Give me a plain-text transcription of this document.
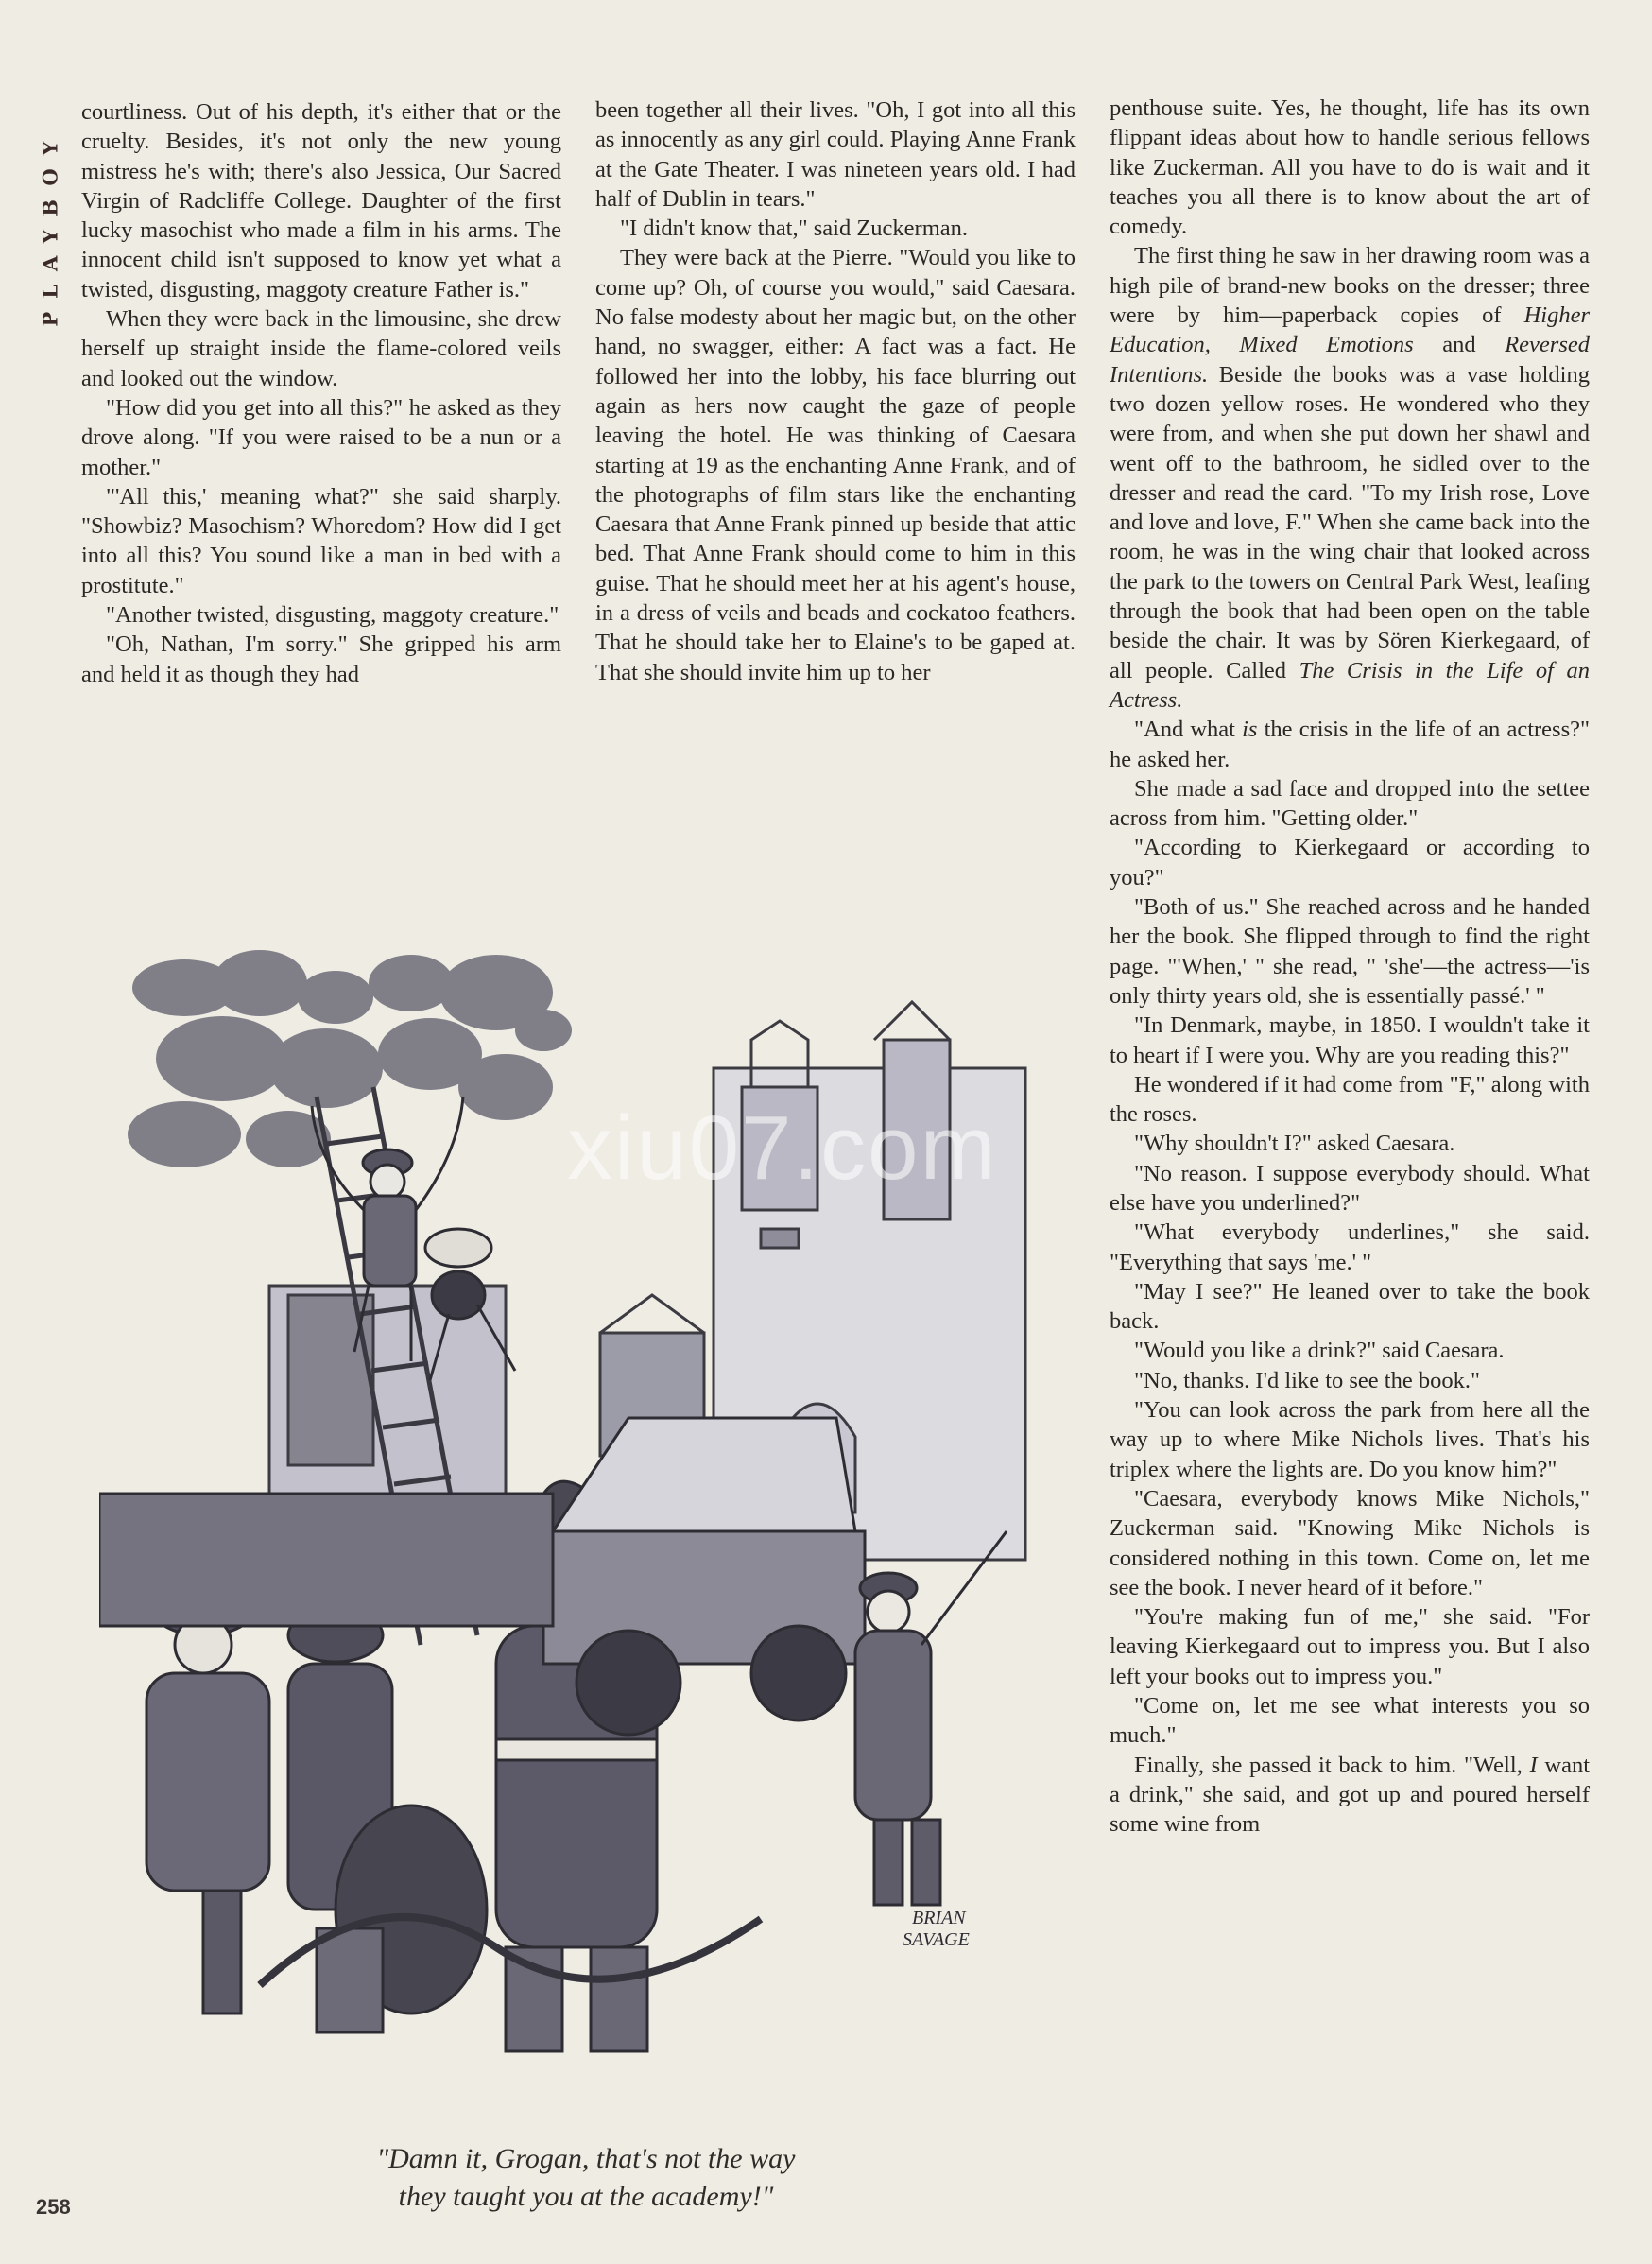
PLAYBOY

courtliness. Out of his depth, it's either that or the cruelty. Besides, it's not only the new young mistress he's with; there's also Jessica, Our Sacred Virgin of Radcliffe College. Daughter of the first lucky masochist who made a film in his arms. The innocent child isn't supposed to know yet what a twisted, disgusting, maggoty creature Father is."

When they were back in the limousine, she drew herself up straight inside the flame-colored veils and looked out the window.

"How did you get into all this?" he asked as they drove along. "If you were raised to be a nun or a mother."

"'All this,' meaning what?" she said sharply. "Showbiz? Masochism? Whoredom? How did I get into all this? You sound like a man in bed with a prostitute."

"Another twisted, disgusting, maggoty creature."

"Oh, Nathan, I'm sorry." She gripped his arm and held it as though they had

been together all their lives. "Oh, I got into all this as innocently as any girl could. Playing Anne Frank at the Gate Theater. I was nineteen years old. I had half of Dublin in tears."

"I didn't know that," said Zuckerman.

They were back at the Pierre. "Would you like to come up? Oh, of course you would," said Caesara. No false modesty about her magic but, on the other hand, no swagger, either: A fact was a fact. He followed her into the lobby, his face blurring out again as hers now caught the gaze of people leaving the hotel. He was thinking of Caesara starting at 19 as the enchanting Anne Frank, and of the photographs of film stars like the enchanting Caesara that Anne Frank pinned up beside that attic bed. That Anne Frank should come to him in this guise. That he should meet her at his agent's house, in a dress of veils and beads and cockatoo feathers. That he should take her to Elaine's to be gaped at. That she should invite him up to her

penthouse suite. Yes, he thought, life has its own flippant ideas about how to handle serious fellows like Zuckerman. All you have to do is wait and it teaches you all there is to know about the art of comedy.

The first thing he saw in her drawing room was a high pile of brand-new books on the dresser; three were by him—paperback copies of Higher Education, Mixed Emotions and Reversed Intentions. Beside the books was a vase holding two dozen yellow roses. He wondered who they were from, and when she put down her shawl and went off to the bathroom, he sidled over to the dresser and read the card. "To my Irish rose, Love and love and love, F." When she came back into the room, he was in the wing chair that looked across the park to the towers on Central Park West, leafing through the book that had been open on the table beside the chair. It was by Sören Kierkegaard, of all people. Called The Crisis in the Life of an Actress.

"And what is the crisis in the life of an actress?" he asked her.

She made a sad face and dropped into the settee across from him. "Getting older."

"According to Kierkegaard or according to you?"

"Both of us." She reached across and he handed her the book. She flipped through to find the right page. "'When,' " she read, " 'she'—the actress—'is only thirty years old, she is essentially passé.' "

"In Denmark, maybe, in 1850. I wouldn't take it to heart if I were you. Why are you reading this?"

He wondered if it had come from "F," along with the roses.

"Why shouldn't I?" asked Caesara.

"No reason. I suppose everybody should. What else have you underlined?"

"What everybody underlines," she said. "Everything that says 'me.' "

"May I see?" He leaned over to take the book back.

"Would you like a drink?" said Caesara.

"No, thanks. I'd like to see the book."

"You can look across the park from here all the way up to where Mike Nichols lives. That's his triplex where the lights are. Do you know him?"

"Caesara, everybody knows Mike Nichols," Zuckerman said. "Knowing Mike Nichols is considered nothing in this town. Come on, let me see the book. I never heard of it before."

"You're making fun of me," she said. "For leaving Kierkegaard out to impress you. But I also left your books out to impress you."

"Come on, let me see what interests you so much."

Finally, she passed it back to him. "Well, I want a drink," she said, and got up and poured herself some wine from

BRIAN
SAVAGE
xiu07.com
"Damn it, Grogan, that's not the way
they taught you at the academy!"
258
